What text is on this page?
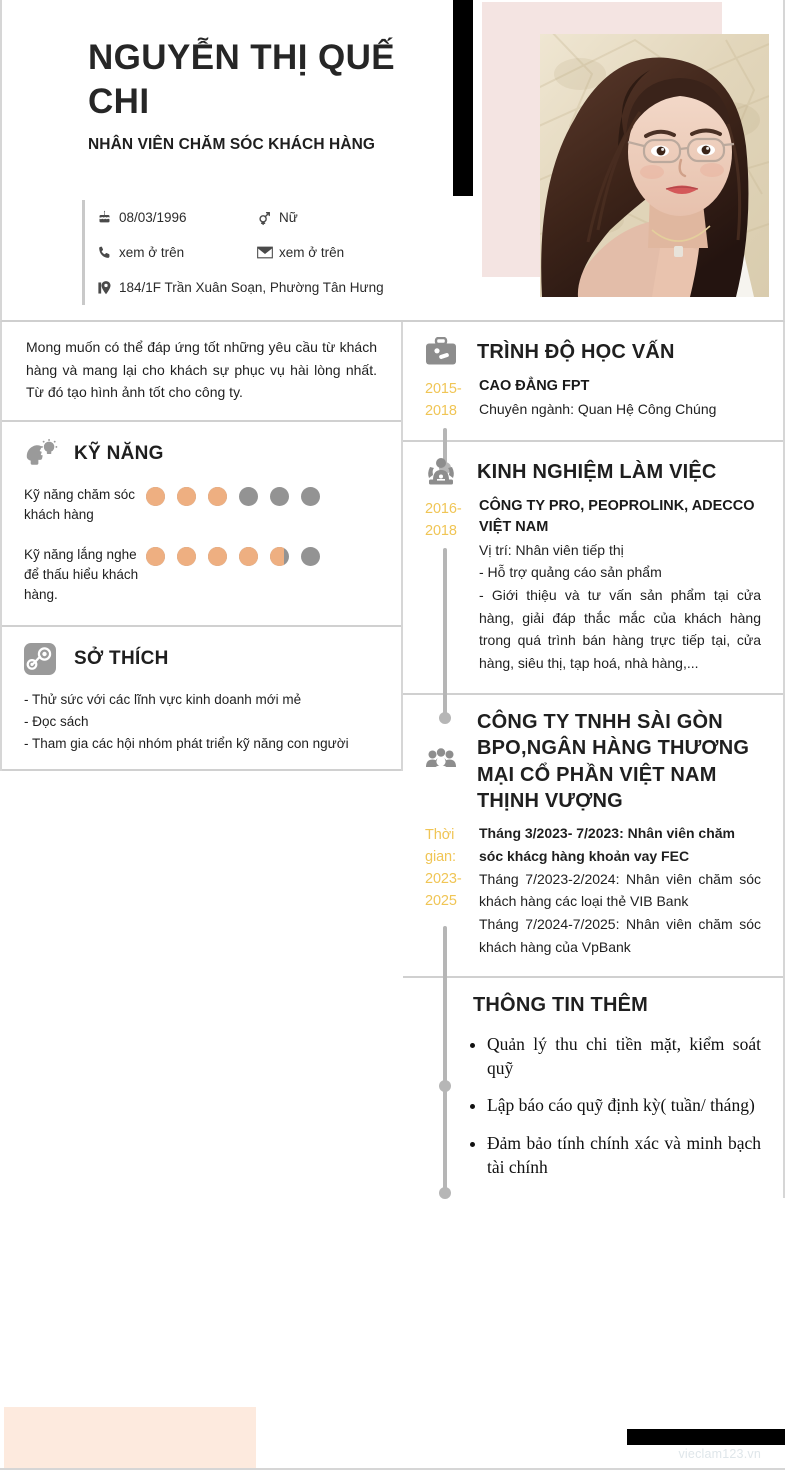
NGUYỄN THỊ QUẾ CHI
NHÂN VIÊN CHĂM SÓC KHÁCH HÀNG
08/03/1996	Nữ
xem ở trên	xem ở trên
184/1F Trần Xuân Soạn, Phường Tân Hưng
Mong muốn có thể đáp ứng tốt những yêu cầu từ khách hàng và mang lại cho khách sự phục vụ hài lòng nhất. Từ đó tạo hình ảnh tốt cho công ty.
KỸ NĂNG
Kỹ năng chăm sóc khách hàng
Kỹ năng lắng nghe để thấu hiểu khách hàng.
SỞ THÍCH
- Thử sức với các lĩnh vực kinh doanh mới mẻ
- Đọc sách
- Tham gia các hội nhóm phát triển kỹ năng con người
TRÌNH ĐỘ HỌC VẤN
2015-2018
CAO ĐẲNG FPT
Chuyên ngành: Quan Hệ Công Chúng
KINH NGHIỆM LÀM VIỆC
2016-2018
CÔNG TY PRO, PEOPROLINK, ADECCO VIỆT NAM
Vị trí: Nhân viên tiếp thị
- Hỗ trợ quảng cáo sản phẩm
- Giới thiệu và tư vấn sản phẩm tại cửa hàng, giải đáp thắc mắc của khách hàng trong quá trình bán hàng trực tiếp tại, cửa hàng, siêu thị, tạp hoá, nhà hàng,...
CÔNG TY TNHH SÀI GÒN BPO,NGÂN HÀNG THƯƠNG MẠI CỔ PHẦN VIỆT NAM THỊNH VƯỢNG
Thời gian: 2023-2025
Tháng 3/2023- 7/2023: Nhân viên chăm sóc khácg hàng khoản vay FEC
Tháng 7/2023-2/2024: Nhân viên chăm sóc khách hàng các loại thẻ VIB Bank
Tháng 7/2024-7/2025: Nhân viên chăm sóc khách hàng của VpBank
THÔNG TIN THÊM
• Quản lý thu chi tiền mặt, kiểm soát quỹ
• Lập báo cáo quỹ định kỳ( tuần/ tháng)
• Đảm bảo tính chính xác và minh bạch tài chính
vieclam123.vn
